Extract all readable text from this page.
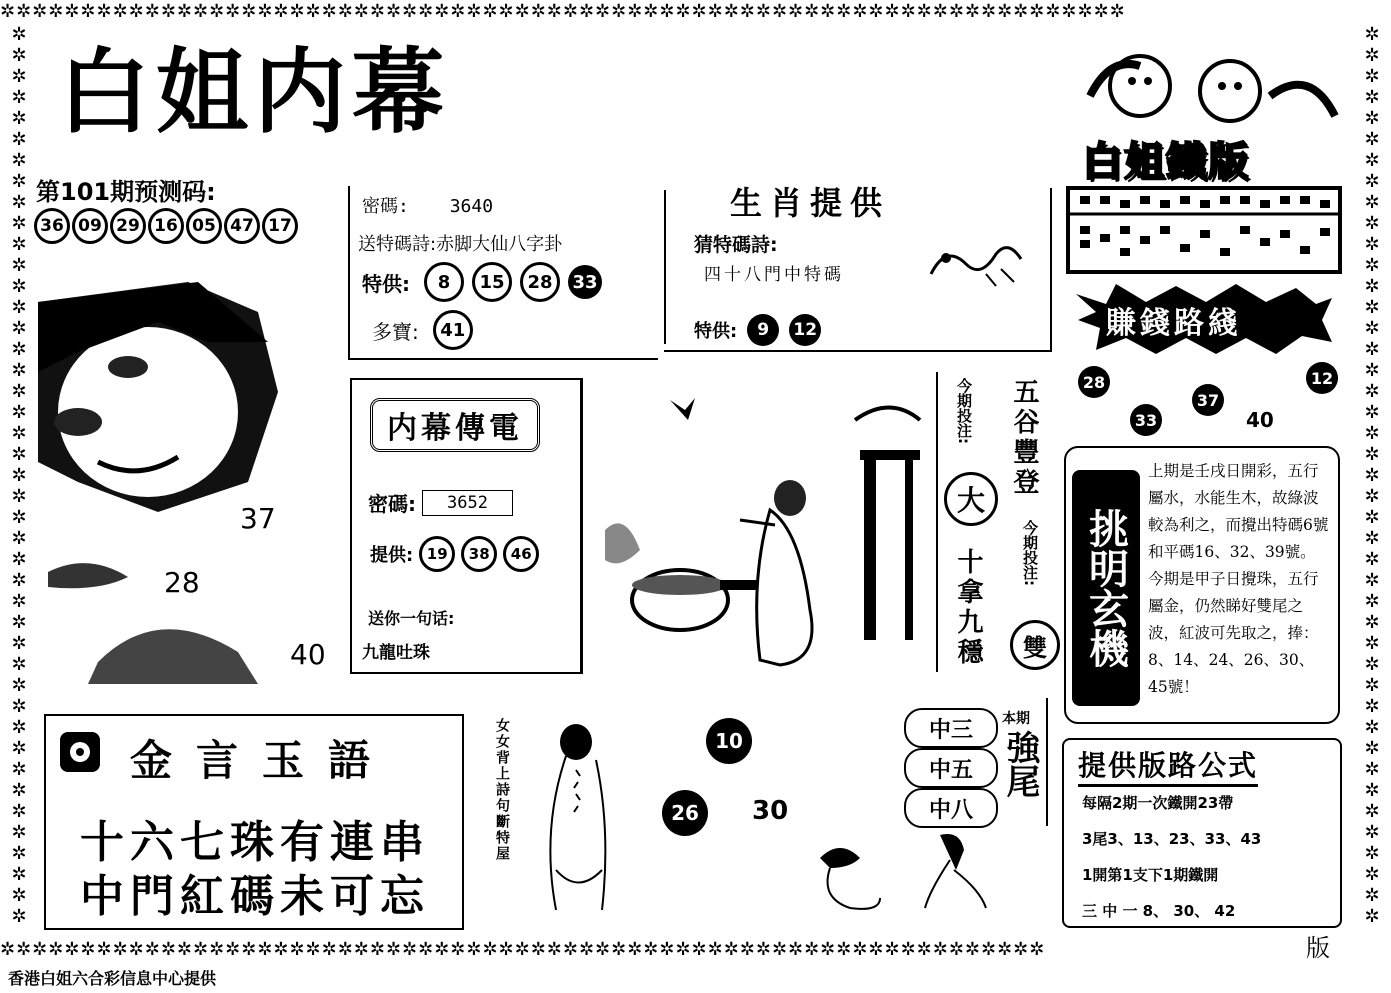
✲✲✲✲✲✲✲✲✲✲✲✲✲✲✲✲✲✲✲✲✲✲✲✲✲✲✲✲✲✲✲✲✲✲✲✲✲✲✲✲✲✲✲✲✲✲✲✲✲✲✲✲✲✲✲✲✲✲✲✲✲✲✲✲✲✲✲✲✲✲
✲✲✲✲✲✲✲✲✲✲✲✲✲✲✲✲✲✲✲✲✲✲✲✲✲✲✲✲✲✲✲✲✲✲✲✲✲✲✲✲✲✲✲✲✲✲✲✲✲✲✲✲✲✲✲✲✲✲✲✲✲✲✲✲✲
✲
✲
✲
✲
✲
✲
✲
✲
✲
✲
✲
✲
✲
✲
✲
✲
✲
✲
✲
✲
✲
✲
✲
✲
✲
✲
✲
✲
✲
✲
✲
✲
✲
✲
✲
✲
✲
✲
✲
✲
✲
✲
✲
✲
✲
✲
✲
✲
✲
✲
✲
✲
✲
✲
✲
✲
✲
✲
✲
✲
✲
✲
✲
✲
✲
✲
✲
✲
✲
✲
✲
✲
✲
✲
✲
✲
✲
✲
✲
✲
✲
✲
✲
✲
✲
✲
白姐内幕
第101期预测码:
36 09 29 16 05 47 17
37
28
40
密碼: 3640
送特碼詩:赤脚大仙八字卦
特供:	8	15	28	33
多寶:	41
生肖提供
猜特碼詩:
四十八門中特碼
特供:	9	12
内幕傳電
密碼:	3652
提供: 19	38	46
送你一句话:
九龍吐珠
今期投注:
大
五谷豐登
十拿九穩	今期投注:
雙
白姐鐵版
賺錢路綫
28	12
33
37
40
挑明玄機
上期是壬戌日開彩，五行屬水，水能生木，故綠波較為利之，而攪出特碼6號和平碼16、32、39號。今期是甲子日攪珠，五行屬金，仍然睇好雙尾之波，紅波可先取之，捧：8、14、24、26、30、45號！
金言玉語
十六七珠有連串
中門紅碼未可忘
女女背上詩句斷特屋	10
26	30
本期
強尾
中三
中五
中八
提供版路公式
每隔2期一次鐵開23帶
3尾3、13、23、33、43
1開第1支下1期鐵開
三 中 一 8、 30、 42
香港白姐六合彩信息中心提供
版
